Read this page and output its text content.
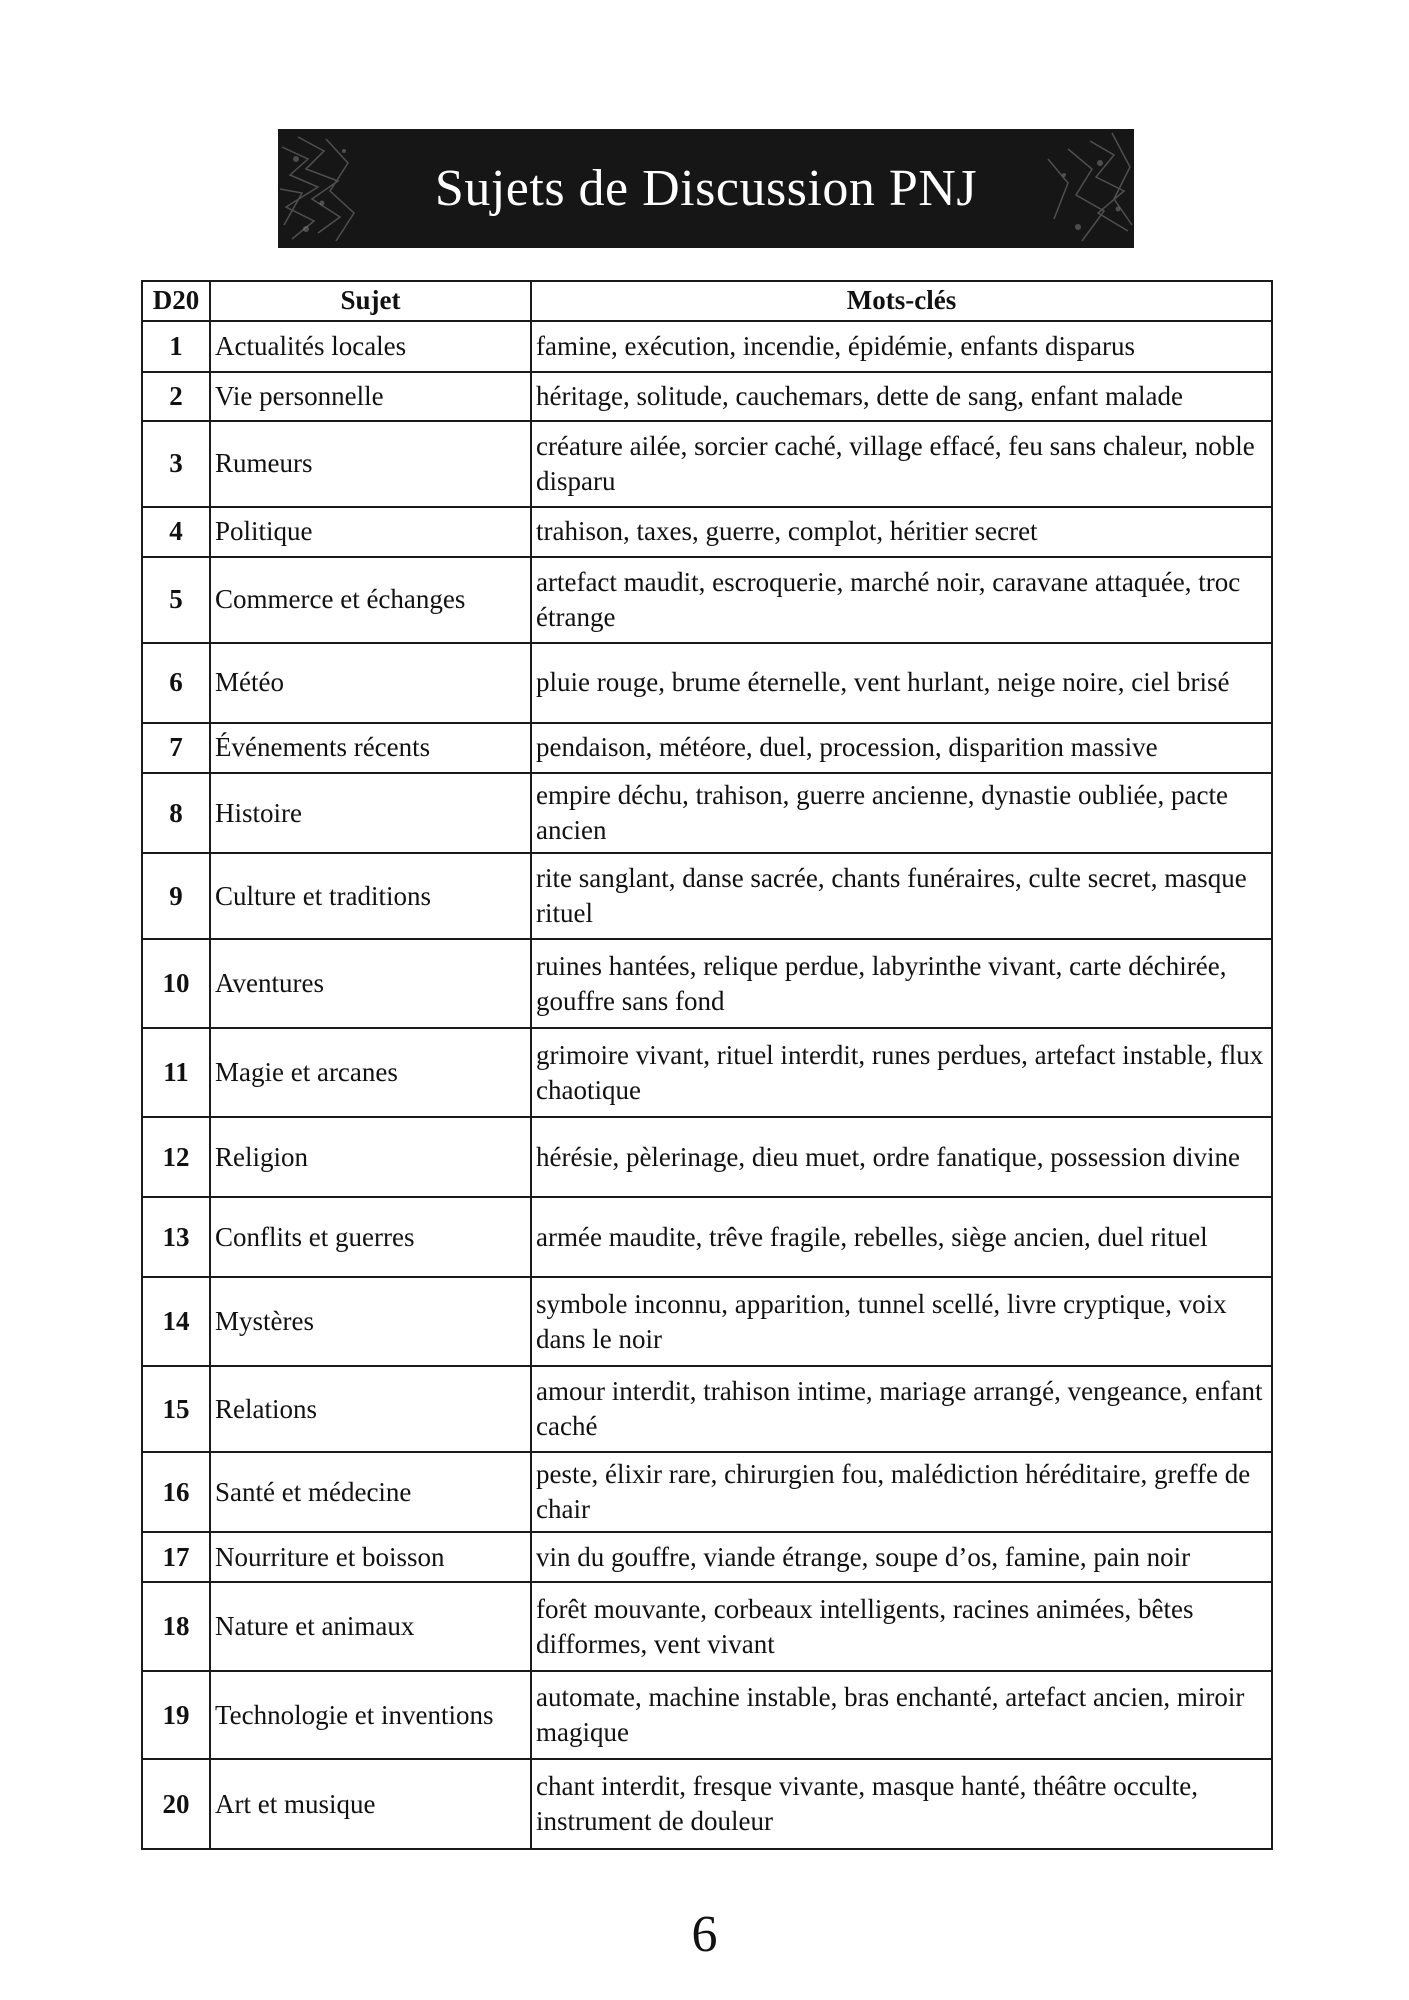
Sujets de Discussion PNJ
D20	Sujet	Mots-clés
1	Actualités locales	famine, exécution, incendie, épidémie, enfants disparus
2	Vie personnelle	héritage, solitude, cauchemars, dette de sang, enfant malade
3	Rumeurs	créature ailée, sorcier caché, village effacé, feu sans chaleur, noble disparu
4	Politique	trahison, taxes, guerre, complot, héritier secret
5	Commerce et échanges	artefact maudit, escroquerie, marché noir, caravane attaquée, troc étrange
6	Météo	pluie rouge, brume éternelle, vent hurlant, neige noire, ciel brisé
7	Événements récents	pendaison, météore, duel, procession, disparition massive
8	Histoire	empire déchu, trahison, guerre ancienne, dynastie oubliée, pacte ancien
9	Culture et traditions	rite sanglant, danse sacrée, chants funéraires, culte secret, masque rituel
10	Aventures	ruines hantées, relique perdue, labyrinthe vivant, carte déchirée, gouffre sans fond
11	Magie et arcanes	grimoire vivant, rituel interdit, runes perdues, artefact instable, flux chaotique
12	Religion	hérésie, pèlerinage, dieu muet, ordre fanatique, possession divine
13	Conflits et guerres	armée maudite, trêve fragile, rebelles, siège ancien, duel rituel
14	Mystères	symbole inconnu, apparition, tunnel scellé, livre cryptique, voix dans le noir
15	Relations	amour interdit, trahison intime, mariage arrangé, vengeance, enfant caché
16	Santé et médecine	peste, élixir rare, chirurgien fou, malédiction héréditaire, greffe de chair
17	Nourriture et boisson	vin du gouffre, viande étrange, soupe d’os, famine, pain noir
18	Nature et animaux	forêt mouvante, corbeaux intelligents, racines animées, bêtes difformes, vent vivant
19	Technologie et inventions	automate, machine instable, bras enchanté, artefact ancien, miroir magique
20	Art et musique	chant interdit, fresque vivante, masque hanté, théâtre occulte, instrument de douleur
6
